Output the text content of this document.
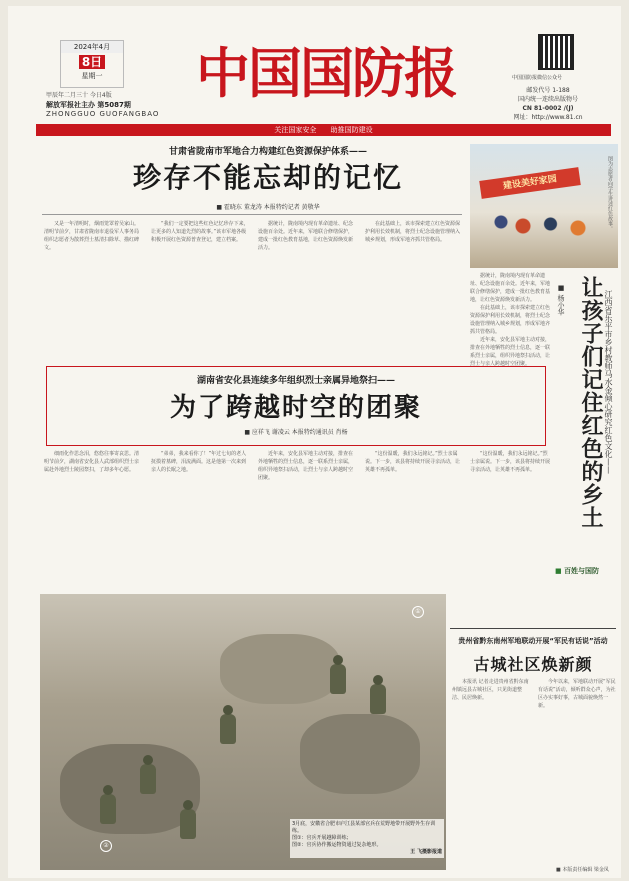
2024年4月
8日
星期一
甲辰年二月三十 今日4版
解放军报社主办 第5087期
ZHONGGUO GUOFANGBAO
中国国防报	中国国防报微信公众号
邮发代号 1-188
国内统一连续出版物号
CN 81-0002 /(J)
网址：http://www.81.cn
关注国家安全 助推国防建设
甘肃省陇南市军地合力构建红色资源保护体系——
珍存不能忘却的记忆
■ 霍晓东 董龙涛 本报特约记者 黄敬华

又是一年清明时，烟雨笼罩着吴家山。清明节前夕，甘肃省陇南市退役军人事务局组织志愿者为散葬烈士墓清扫除草、描红碑文。

“我们一定要把这些红色记忆珍存下来，让更多的人知道先烈的故事。”该市军地各级积极开展红色资源普查登记，建立档案。

据统计，陇南境内现有革命遗址、纪念设施百余处。近年来，军地联合修缮保护，建成一批红色教育基地，让红色资源焕发新活力。

在此基础上，该市探索建立红色资源保护利用长效机制，将烈士纪念设施管理纳入城乡规划，形成军地齐抓共管格局。

建设美好家园	图为志愿者向学生讲述红色故事。

据统计，陇南境内现有革命遗址、纪念设施百余处。近年来，军地联合修缮保护，建成一批红色教育基地，让红色资源焕发新活力。

在此基础上，该市探索建立红色资源保护利用长效机制，将烈士纪念设施管理纳入城乡规划，形成军地齐抓共管格局。

近年来，安化县军地主动对接，排查在外地牺牲的烈士信息，逐一联系烈士亲属，组织异地祭扫活动，让烈士与亲人跨越时空团聚。	江西省乐平市乡村教师马水金倾心研究红色文化——
让孩子们记住红色的乡土
■ 杨小华
湖南省安化县连续多年组织烈士亲属异地祭扫——
为了跨越时空的团聚
■ 应祥飞 谢凌云 本报特约通讯员 肖杨

细雨化作思念泪，悠悠往事寄哀思。清明节前夕，湖南省安化县人武部组织烈士亲属赴外地烈士陵园祭扫，了却多年心愿。

“弟弟，我来看你了！”年过七旬的老人抚摸着墓碑，泪流满面。这是他第一次来到亲人的长眠之地。

近年来，安化县军地主动对接，排查在外地牺牲的烈士信息，逐一联系烈士亲属，组织异地祭扫活动，让烈士与亲人跨越时空团聚。

“这份温暖，我们永远铭记。”烈士亲属说。下一步，该县将持续开展寻亲活动，让英雄不再孤单。

“这份温暖，我们永远铭记。”烈士亲属说。下一步，该县将持续开展寻亲活动，让英雄不再孤单。

■ 百姓与国防
①
②
3月底，安徽省合肥市庐江县某部官兵在荒野地带开展野外生存训练。
图①：官兵开展越障训练；
图②：官兵协作搬运物资通过复杂地形。
王 飞摄影报道
贵州省黔东南州军地联动开展“军民有话说”活动
古城社区焕新颜

本报讯 记者走进贵州省黔东南州镇远县古城社区，只见街道整洁、民居焕新。

今年以来，军地联动开展“军民有话说”活动，倾听群众心声，为社区办实事好事，古城面貌焕然一新。

■ 本版责任编辑 梁金凤
